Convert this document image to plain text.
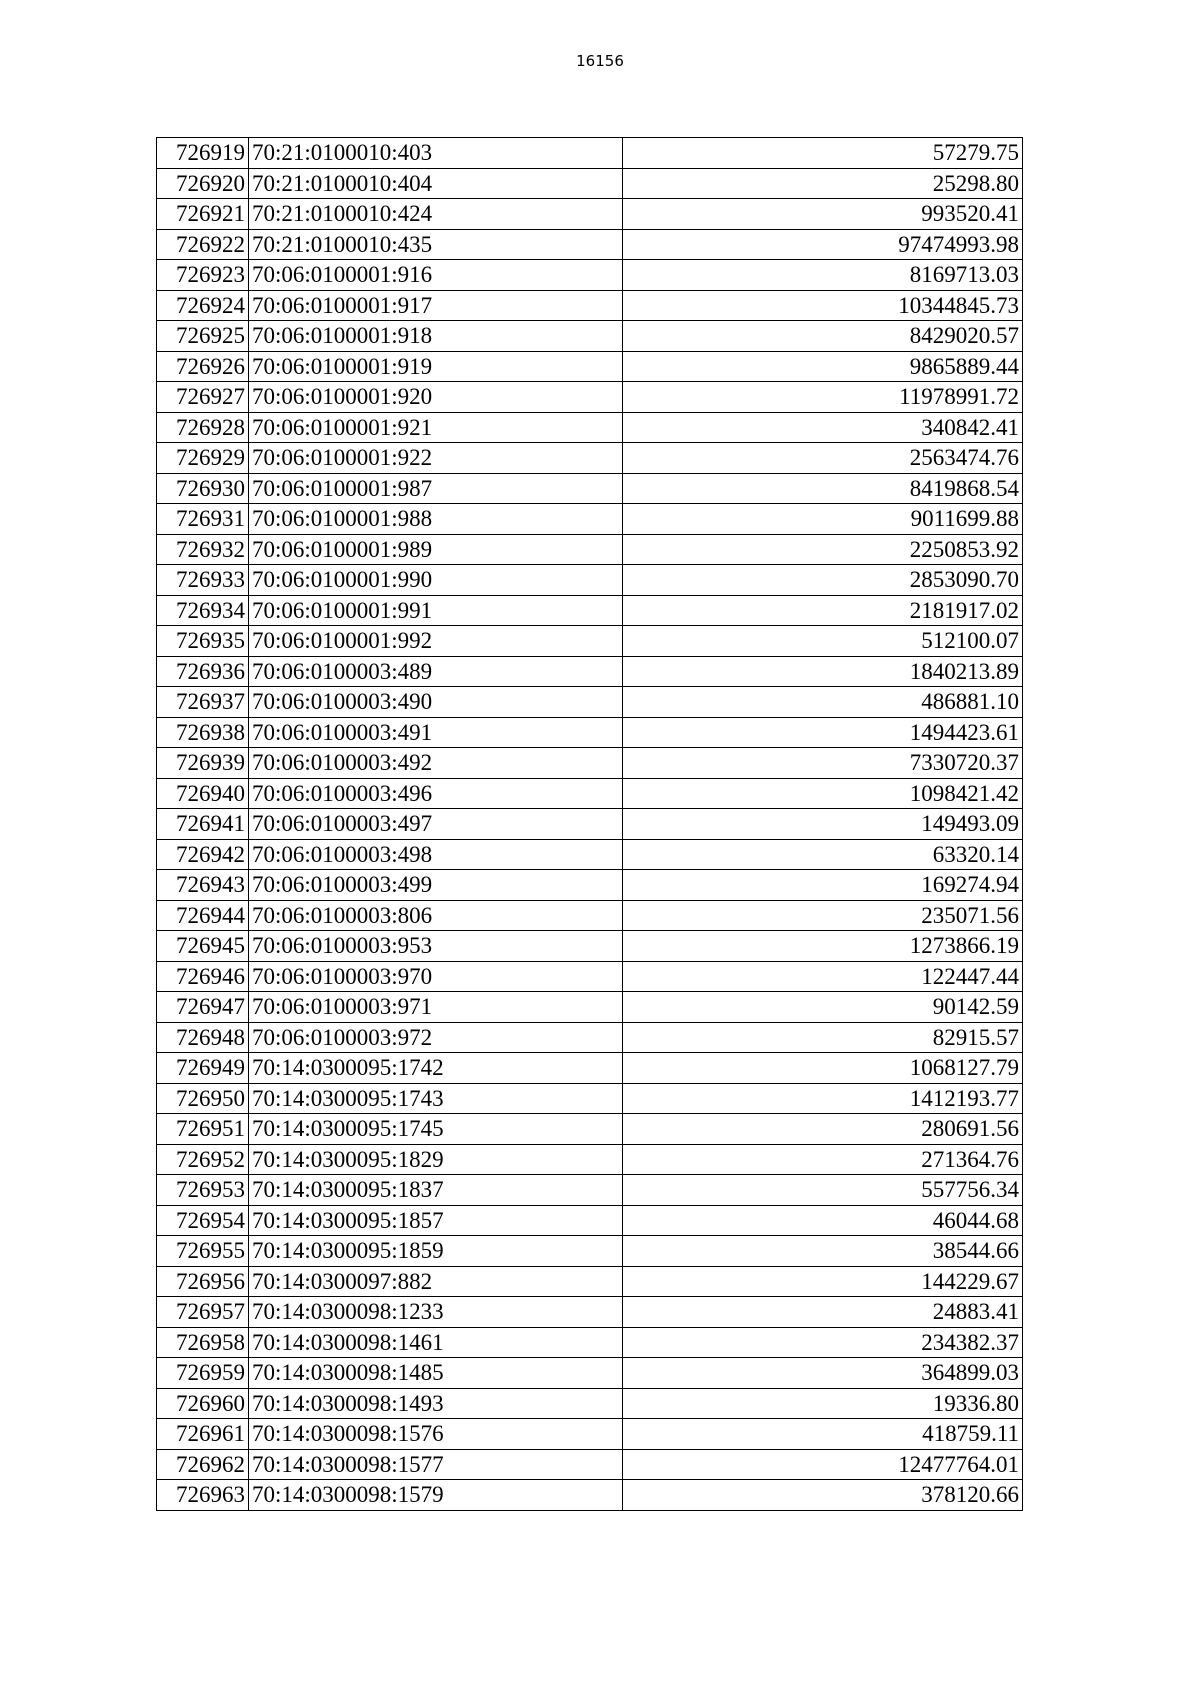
16156
726919	70:21:0100010:403	57279.75
726920	70:21:0100010:404	25298.80
726921	70:21:0100010:424	993520.41
726922	70:21:0100010:435	97474993.98
726923	70:06:0100001:916	8169713.03
726924	70:06:0100001:917	10344845.73
726925	70:06:0100001:918	8429020.57
726926	70:06:0100001:919	9865889.44
726927	70:06:0100001:920	11978991.72
726928	70:06:0100001:921	340842.41
726929	70:06:0100001:922	2563474.76
726930	70:06:0100001:987	8419868.54
726931	70:06:0100001:988	9011699.88
726932	70:06:0100001:989	2250853.92
726933	70:06:0100001:990	2853090.70
726934	70:06:0100001:991	2181917.02
726935	70:06:0100001:992	512100.07
726936	70:06:0100003:489	1840213.89
726937	70:06:0100003:490	486881.10
726938	70:06:0100003:491	1494423.61
726939	70:06:0100003:492	7330720.37
726940	70:06:0100003:496	1098421.42
726941	70:06:0100003:497	149493.09
726942	70:06:0100003:498	63320.14
726943	70:06:0100003:499	169274.94
726944	70:06:0100003:806	235071.56
726945	70:06:0100003:953	1273866.19
726946	70:06:0100003:970	122447.44
726947	70:06:0100003:971	90142.59
726948	70:06:0100003:972	82915.57
726949	70:14:0300095:1742	1068127.79
726950	70:14:0300095:1743	1412193.77
726951	70:14:0300095:1745	280691.56
726952	70:14:0300095:1829	271364.76
726953	70:14:0300095:1837	557756.34
726954	70:14:0300095:1857	46044.68
726955	70:14:0300095:1859	38544.66
726956	70:14:0300097:882	144229.67
726957	70:14:0300098:1233	24883.41
726958	70:14:0300098:1461	234382.37
726959	70:14:0300098:1485	364899.03
726960	70:14:0300098:1493	19336.80
726961	70:14:0300098:1576	418759.11
726962	70:14:0300098:1577	12477764.01
726963	70:14:0300098:1579	378120.66
